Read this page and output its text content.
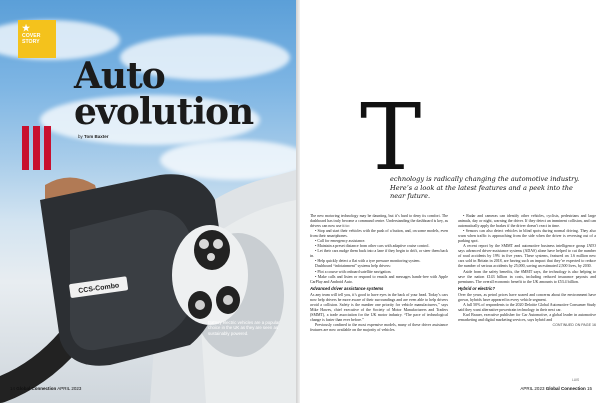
CCS-Combo
★
COVER
STORY
Auto
evolution
by Tom Baxter
Battery electric vehicles are a popular choice in the UK as they are seen as sustainably powered.
14 Global Connection APRIL 2023
T
echnology is radically changing the automotive industry. Here’s a look at the latest features and a peek into the near future.

The new motoring technology may be daunting, but it’s hard to deny its comfort. The dashboard has truly become a command centre. Understanding the dashboard is key, as drivers can now use it to:

• Stop and start their vehicles with the push of a button, and, on some models, even from their smartphones.

• Call for emergency assistance.

• Maintain a preset distance from other cars with adaptive cruise control.

• Let their cars nudge them back into a lane if they begin to drift, or steer them back in.

• Help quickly detect a flat with a tyre pressure monitoring system.

Dashboard “infotainment” systems help drivers:

• Plot a course with onboard satellite navigation.

• Make calls and listen or respond to emails and messages hands-free with Apple CarPlay and Android Auto.

Advanced driver assistance systems

As any team will tell you, it’s good to have eyes in the back of your head. Today’s cars now help drivers be more aware of their surroundings and are even able to help drivers avoid a collision. Safety is the number one priority for vehicle manufacturers,” says Mike Hawes, chief executive of the Society of Motor Manufacturers and Traders (SMMT), a trade association for the UK motor industry. “The pace of technological change is faster than ever before.”

Previously confined to the most expensive models, many of these driver assistance features are now available on the majority of vehicles.

• Radar and cameras can identify other vehicles, cyclists, pedestrians and large animals, day or night, warning the driver. If they detect an imminent collision, and can automatically apply the brakes if the driver doesn’t react in time.

• Sensors can also detect vehicles in blind spots during normal driving. They also warn when traffic is approaching from the side when the driver is reversing out of a parking spot.

A recent report by the SMMT and automotive business intelligence group JATO says advanced driver-assistance systems (ADAS) alone have helped to cut the number of road accidents by 19% in five years. These systems, featured on 1.6 million new cars sold in Britain in 2018, are having such an impact that they’re expected to reduce the number of serious accidents by 25,000, saving an estimated 2,500 lives, by 2030.

Aside from the safety benefits, the SMMT says, the technology is also helping to save the nation £143 billion in costs, including reduced insurance payouts and premiums. The overall economic benefit to the UK amounts to £53.4 billion.

Hybrid or electric?

Over the years, as petrol prices have soared and concerns about the environment have grown, hybrids have appeared in every vehicle segment.

A full 50% of respondents to the 2020 Deloitte Global Automotive Consumer Study said they want alternative powertrain technology in their next car.

Karl Brauer, executive publisher for Car Automotive, a global leader in automotive remarketing and digital marketing services, says hybrid and

CONTINUED ON PAGE 16
LUIS
APRIL 2023 Global Connection 15
